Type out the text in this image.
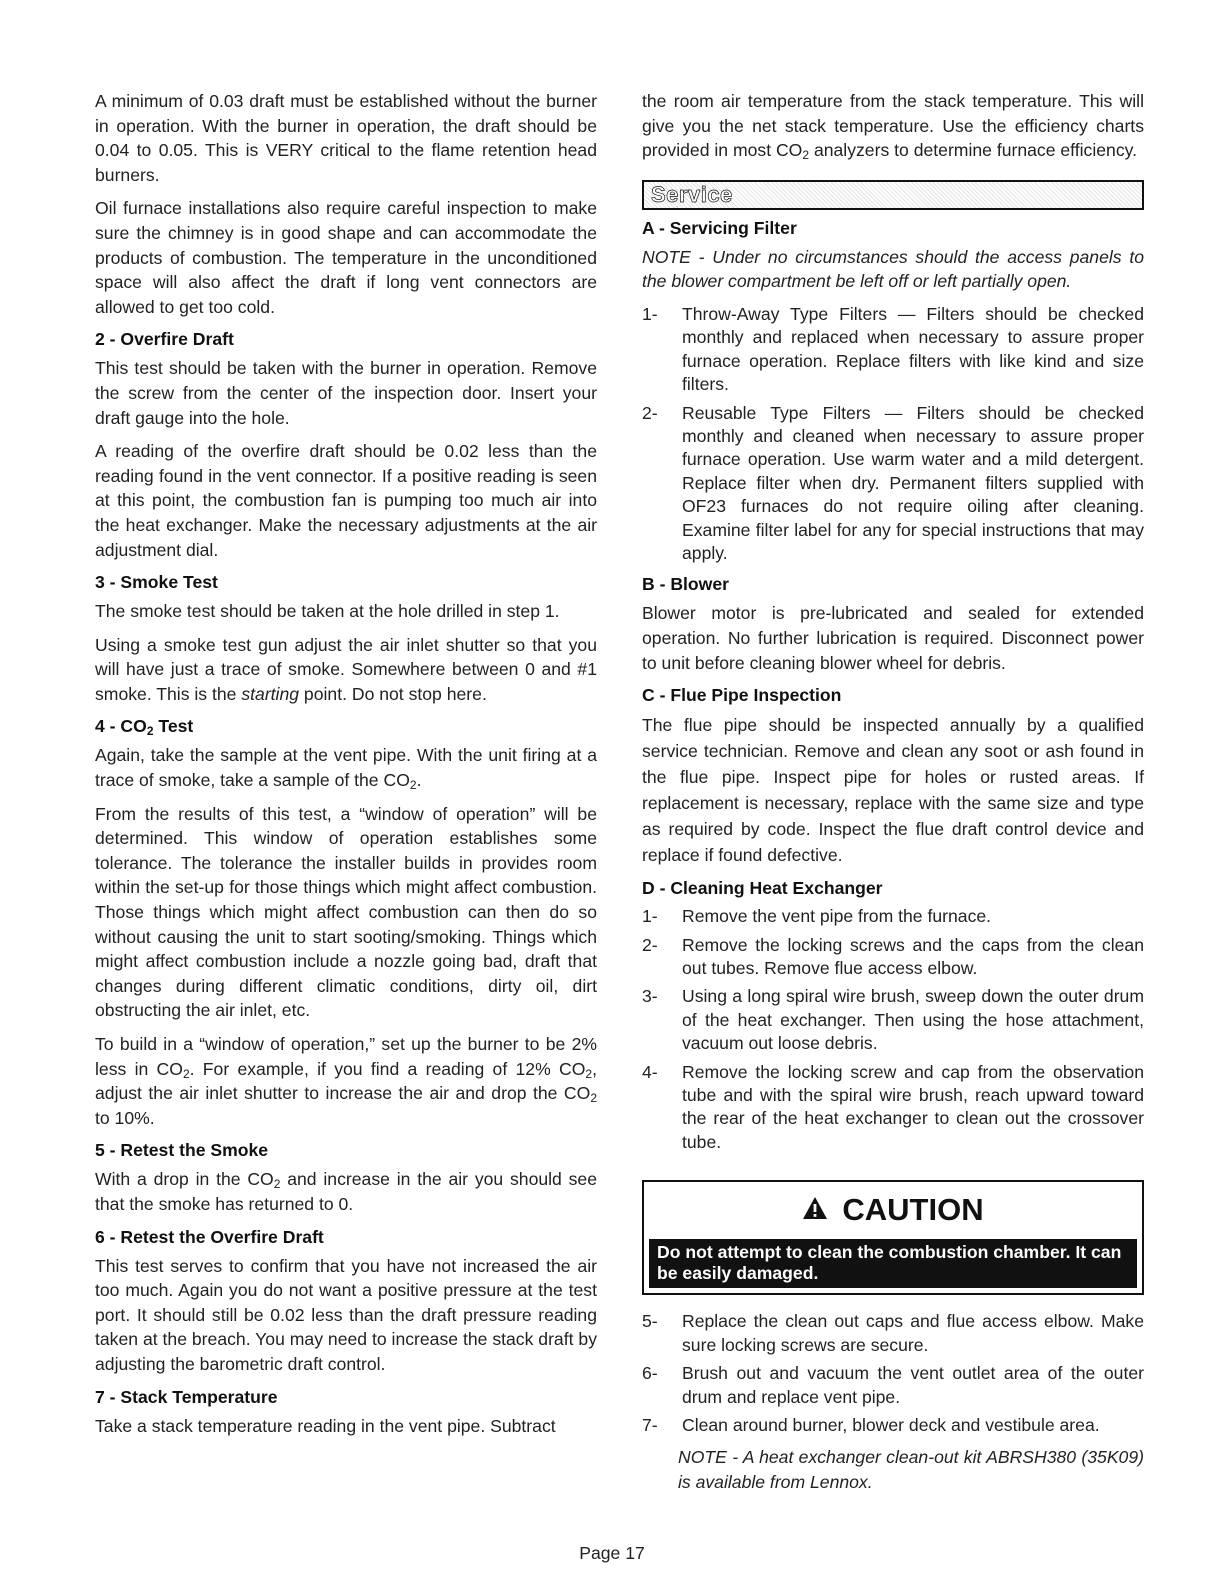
A minimum of 0.03 draft must be established without the burner in operation. With the burner in operation, the draft should be 0.04 to 0.05. This is VERY critical to the flame retention head burners.

Oil furnace installations also require careful inspection to make sure the chimney is in good shape and can accommodate the products of combustion. The temperature in the unconditioned space will also affect the draft if long vent connectors are allowed to get too cold.

2 - Overfire Draft

This test should be taken with the burner in operation. Remove the screw from the center of the inspection door. Insert your draft gauge into the hole.

A reading of the overfire draft should be 0.02 less than the reading found in the vent connector. If a positive reading is seen at this point, the combustion fan is pumping too much air into the heat exchanger. Make the necessary adjustments at the air adjustment dial.

3 - Smoke Test

The smoke test should be taken at the hole drilled in step 1.

Using a smoke test gun adjust the air inlet shutter so that you will have just a trace of smoke. Somewhere between 0 and #1 smoke. This is the starting point. Do not stop here.

$4 - CO_2$ Test

Again, take the sample at the vent pipe. With the unit firing at a trace of smoke, take a sample of the $CO_2$.

From the results of this test, a “window of operation” will be determined. This window of operation establishes some tolerance. The tolerance the installer builds in provides room within the set-up for those things which might affect combustion. Those things which might affect combustion can then do so without causing the unit to start sooting/smoking. Things which might affect combustion include a nozzle going bad, draft that changes during different climatic conditions, dirty oil, dirt obstructing the air inlet, etc.

To build in a “window of operation,” set up the burner to be 2% less in $CO_2$. For example, if you find a reading of 12% $CO_2$, adjust the air inlet shutter to increase the air and drop the $CO_2$ to 10%.

5 - Retest the Smoke

With a drop in the $CO_2$ and increase in the air you should see that the smoke has returned to 0.

6 - Retest the Overfire Draft

This test serves to confirm that you have not increased the air too much. Again you do not want a positive pressure at the test port. It should still be 0.02 less than the draft pressure reading taken at the breach. You may need to increase the stack draft by adjusting the barometric draft control.

7 - Stack Temperature

Take a stack temperature reading in the vent pipe. Subtract

the room air temperature from the stack temperature. This will give you the net stack temperature. Use the efficiency charts provided in most $CO_2$ analyzers to determine furnace efficiency.

Service
A - Servicing Filter

NOTE - Under no circumstances should the access panels to the blower compartment be left off or left partially open.

1-	Throw-Away Type Filters — Filters should be checked monthly and replaced when necessary to assure proper furnace operation. Replace filters with like kind and size filters.
2-	Reusable Type Filters — Filters should be checked monthly and cleaned when necessary to assure proper furnace operation. Use warm water and a mild detergent. Replace filter when dry. Permanent filters supplied with OF23 furnaces do not require oiling after cleaning. Examine filter label for any for special instructions that may apply.
B - Blower

Blower motor is pre-lubricated and sealed for extended operation. No further lubrication is required. Disconnect power to unit before cleaning blower wheel for debris.

C - Flue Pipe Inspection

The flue pipe should be inspected annually by a qualified service technician. Remove and clean any soot or ash found in the flue pipe. Inspect pipe for holes or rusted areas. If replacement is necessary, replace with the same size and type as required by code. Inspect the flue draft control device and replace if found defective.

D - Cleaning Heat Exchanger
1-	Remove the vent pipe from the furnace.
2-	Remove the locking screws and the caps from the clean out tubes. Remove flue access elbow.
3-	Using a long spiral wire brush, sweep down the outer drum of the heat exchanger. Then using the hose attachment, vacuum out loose debris.
4-	Remove the locking screw and cap from the observation tube and with the spiral wire brush, reach upward toward the rear of the heat exchanger to clean out the crossover tube.
CAUTION
Do not attempt to clean the combustion chamber. It can be easily damaged.
5-	Replace the clean out caps and flue access elbow. Make sure locking screws are secure.
6-	Brush out and vacuum the vent outlet area of the outer drum and replace vent pipe.
7-	Clean around burner, blower deck and vestibule area.

NOTE - A heat exchanger clean-out kit ABRSH380 (35K09) is available from Lennox.

Page 17
